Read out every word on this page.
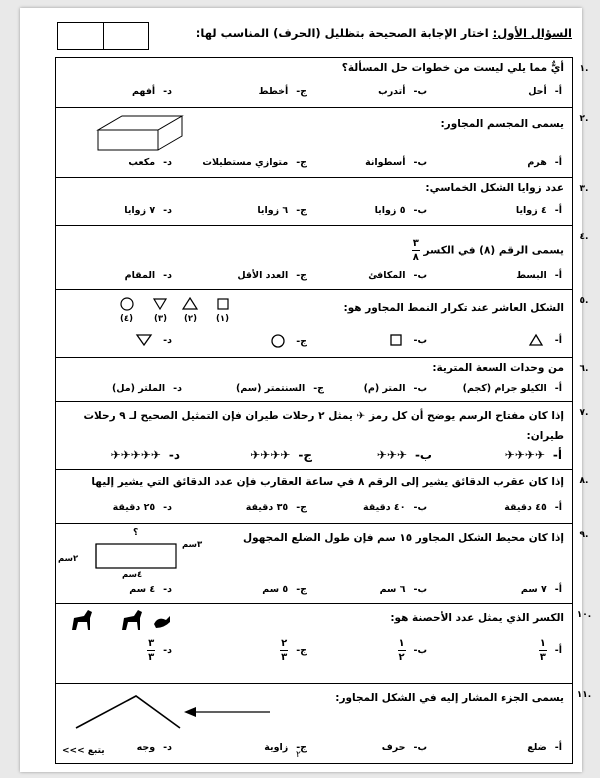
السؤال الأول: اختار الإجابة الصحيحة بتظليل (الحرف) المناسب لها:
.١
أيٌّ مما يلي ليست من خطوات حل المسألة؟
أ-أحل
ب-أتدرب
ج-أخطط
د-أفهم
.٢
يسمى المجسم المجاور:
أ-هرم
ب-أسطوانة
ج-متوازي مستطيلات
د-مكعب
.٣
عدد زوايا الشكل الخماسي:
أ-٤ زوايا
ب-٥ زوايا
ج-٦ زوايا
د-٧ زوايا
.٤
يسمى الرقم (٨) في الكسر $\frac{٣}{٨}$
أ-البسط
ب-المكافئ
ج-العدد الأقل
د-المقام
.٥
الشكل العاشر عند تكرار النمط المجاور هو:
(٤) (٣) (٢) (١)
أ-
ب-
ج-
د-
.٦
من وحدات السعة المترية:
أ-الكيلو جرام (كجم)
ب-المتر (م)
ج-السنتمتر (سم)
د-الملتر (مل)
.٧
إذا كان مفتاح الرسم يوضح أن كل رمز ✈ يمثل ٢ رحلات طيران فإن التمثيل الصحيح لـ ٩ رحلات طيران:
أ-✈✈✈✈
ب-✈✈✈
ج-✈✈✈✈
د-✈✈✈✈✈
.٨
إذا كان عقرب الدقائق يشير إلى الرقم ٨ في ساعة العقارب فإن عدد الدقائق التي يشير إليها
أ-٤٥ دقيقة
ب-٤٠ دقيقة
ج-٣٥ دقيقة
د-٢٥ دقيقة
.٩
إذا كان محيط الشكل المجاور ١٥ سم فإن طول الضلع المجهول
؟
٣سم
٢سم
٤سم
أ-٧ سم
ب-٦ سم
ج-٥ سم
د-٤ سم
.١٠
الكسر الذي يمثل عدد الأحصنة هو:
$أ-\frac{١}{٣}$
$ب-\frac{١}{٢}$
$ج-\frac{٢}{٣}$
$د-\frac{٣}{٣}$
.١١
يسمى الجزء المشار إليه في الشكل المجاور:
أ-ضلع
ب-حرف
ج-زاوية
د-وجه
<<< يتبع	٢
